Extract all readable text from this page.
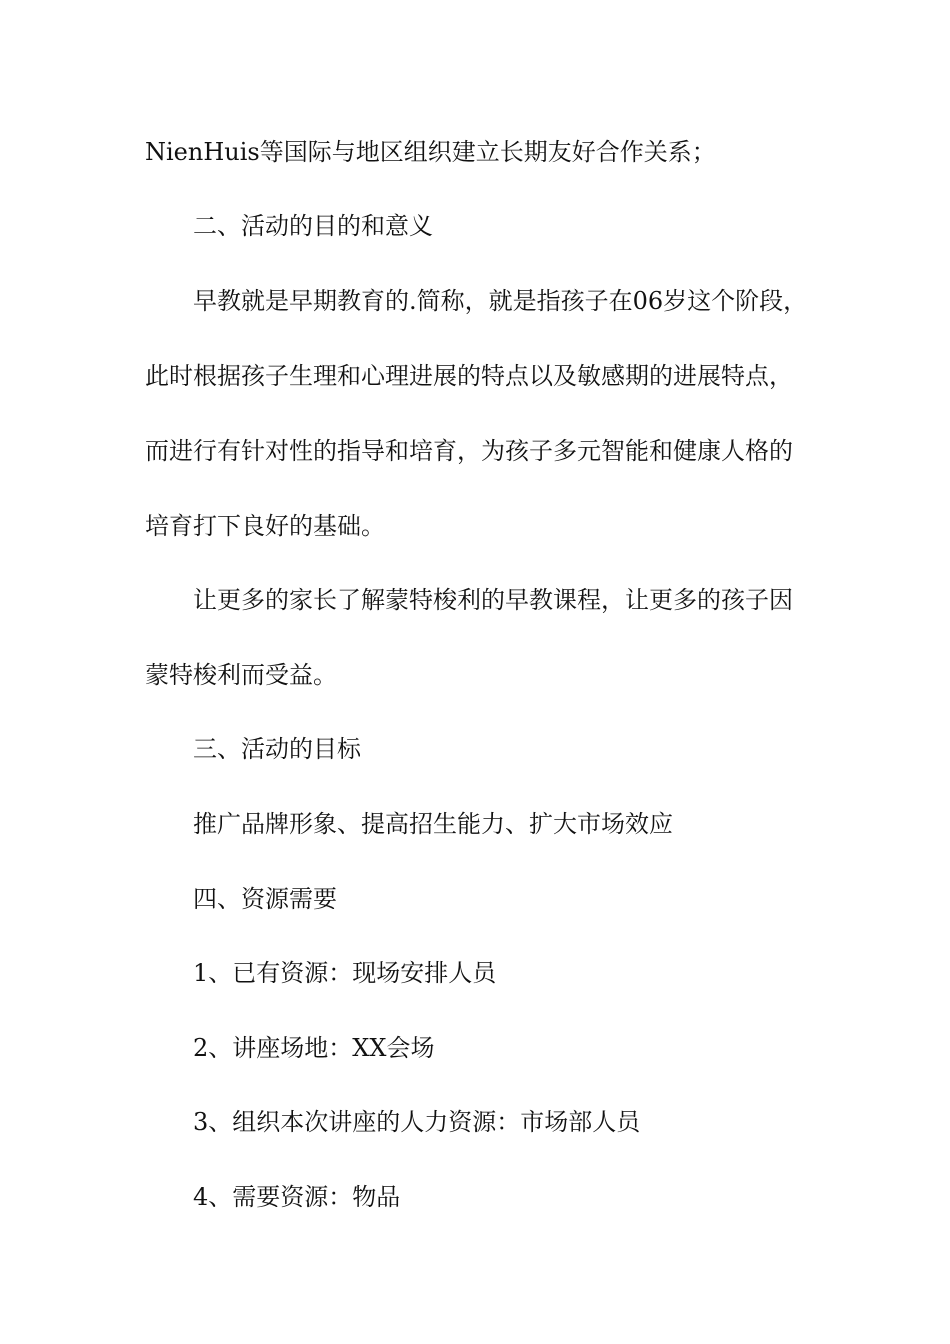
NienHuis等国际与地区组织建立长期友好合作关系；
二、活动的目的和意义
早教就是早期教育的.简称，就是指孩子在06岁这个阶段，
此时根据孩子生理和心理进展的特点以及敏感期的进展特点，
而进行有针对性的指导和培育，为孩子多元智能和健康人格的
培育打下良好的基础。
让更多的家长了解蒙特梭利的早教课程，让更多的孩子因
蒙特梭利而受益。
三、活动的目标
推广品牌形象、提高招生能力、扩大市场效应
四、资源需要
1、已有资源：现场安排人员
2、讲座场地：XX会场
3、组织本次讲座的人力资源：市场部人员
4、需要资源：物品
